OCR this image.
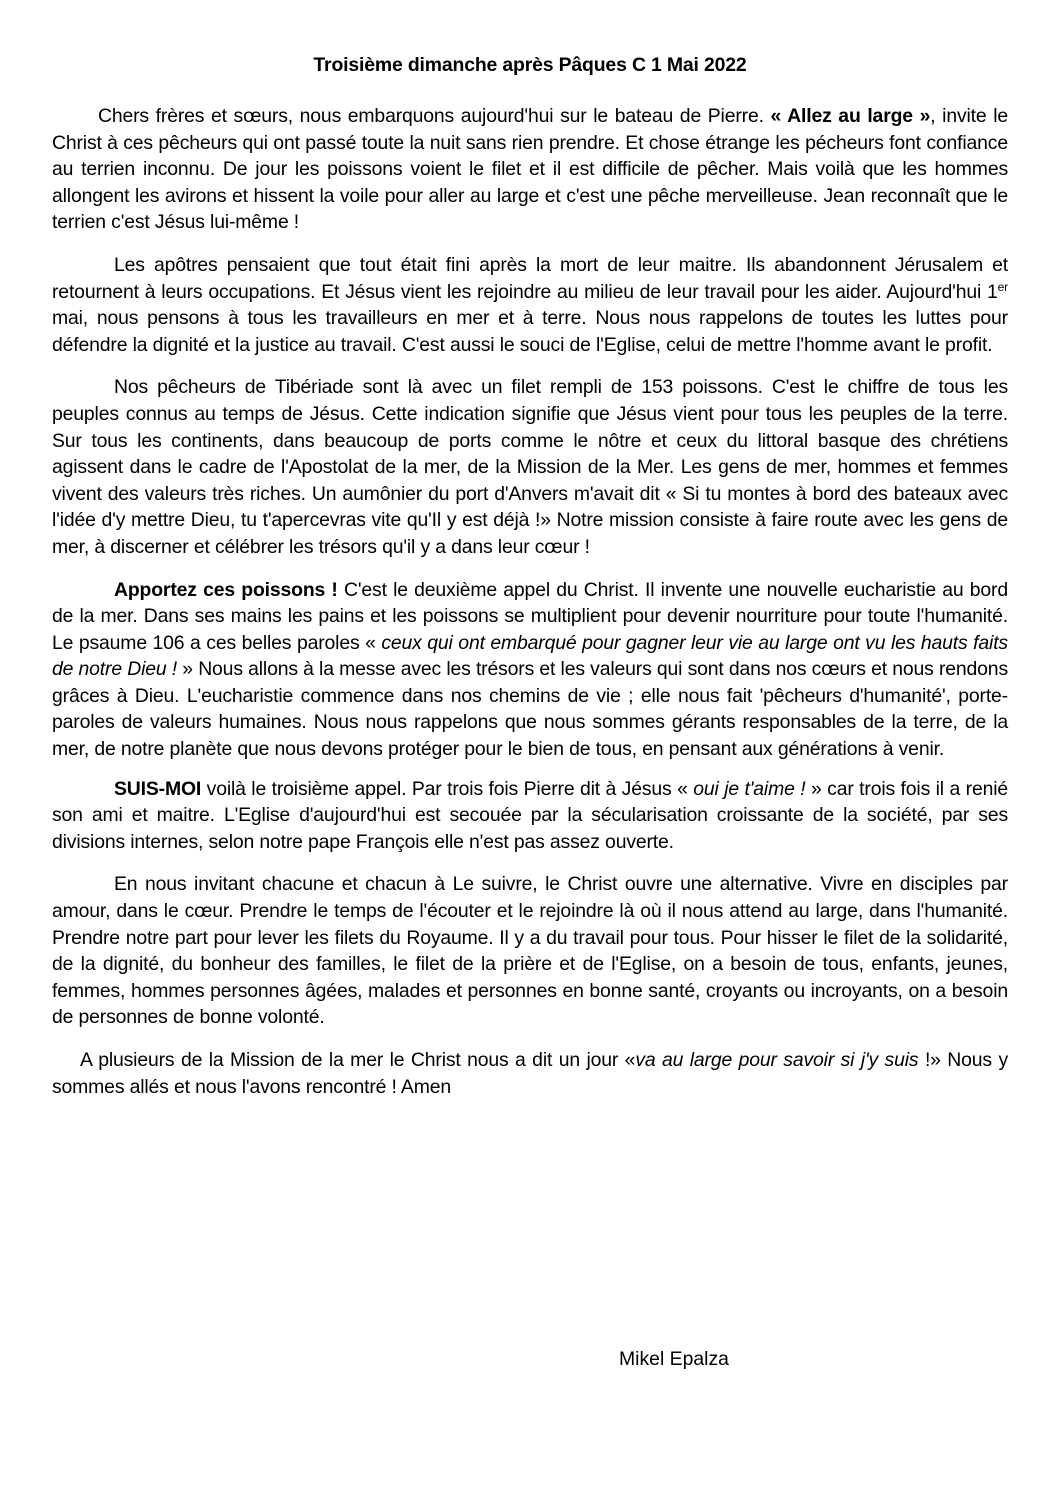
Troisième dimanche après Pâques C 1 Mai 2022

Chers frères et sœurs, nous embarquons aujourd'hui sur le bateau de Pierre. « Allez au large », invite le Christ à ces pêcheurs qui ont passé toute la nuit sans rien prendre. Et chose étrange les pécheurs font confiance au terrien inconnu. De jour les poissons voient le filet et il est difficile de pêcher. Mais voilà que les hommes allongent les avirons et hissent la voile pour aller au large et c'est une pêche merveilleuse. Jean reconnaît que le terrien c'est Jésus lui-même !

Les apôtres pensaient que tout était fini après la mort de leur maitre. Ils abandonnent Jérusalem et retournent à leurs occupations. Et Jésus vient les rejoindre au milieu de leur travail pour les aider. Aujourd'hui 1er mai, nous pensons à tous les travailleurs en mer et à terre. Nous nous rappelons de toutes les luttes pour défendre la dignité et la justice au travail. C'est aussi le souci de l'Eglise, celui de mettre l'homme avant le profit.

Nos pêcheurs de Tibériade sont là avec un filet rempli de 153 poissons. C'est le chiffre de tous les peuples connus au temps de Jésus. Cette indication signifie que Jésus vient pour tous les peuples de la terre. Sur tous les continents, dans beaucoup de ports comme le nôtre et ceux du littoral basque des chrétiens agissent dans le cadre de l'Apostolat de la mer, de la Mission de la Mer. Les gens de mer, hommes et femmes vivent des valeurs très riches. Un aumônier du port d'Anvers m'avait dit « Si tu montes à bord des bateaux avec l'idée d'y mettre Dieu, tu t'apercevras vite qu'Il y est déjà !» Notre mission consiste à faire route avec les gens de mer, à discerner et célébrer les trésors qu'il y a dans leur cœur !

Apportez ces poissons ! C'est le deuxième appel du Christ. Il invente une nouvelle eucharistie au bord de la mer. Dans ses mains les pains et les poissons se multiplient pour devenir nourriture pour toute l'humanité. Le psaume 106 a ces belles paroles « ceux qui ont embarqué pour gagner leur vie au large ont vu les hauts faits de notre Dieu ! » Nous allons à la messe avec les trésors et les valeurs qui sont dans nos cœurs et nous rendons grâces à Dieu. L'eucharistie commence dans nos chemins de vie ; elle nous fait 'pêcheurs d'humanité', porte-paroles de valeurs humaines. Nous nous rappelons que nous sommes gérants responsables de la terre, de la mer, de notre planète que nous devons protéger pour le bien de tous, en pensant aux générations à venir.

SUIS-MOI voilà le troisième appel. Par trois fois Pierre dit à Jésus « oui je t'aime ! » car trois fois il a renié son ami et maitre. L'Eglise d'aujourd'hui est secouée par la sécularisation croissante de la société, par ses divisions internes, selon notre pape François elle n'est pas assez ouverte.

En nous invitant chacune et chacun à Le suivre, le Christ ouvre une alternative. Vivre en disciples par amour, dans le cœur. Prendre le temps de l'écouter et le rejoindre là où il nous attend au large, dans l'humanité. Prendre notre part pour lever les filets du Royaume. Il y a du travail pour tous. Pour hisser le filet de la solidarité, de la dignité, du bonheur des familles, le filet de la prière et de l'Eglise, on a besoin de tous, enfants, jeunes, femmes, hommes personnes âgées, malades et personnes en bonne santé, croyants ou incroyants, on a besoin de personnes de bonne volonté.

A plusieurs de la Mission de la mer le Christ nous a dit un jour «va au large pour savoir si j'y suis !» Nous y sommes allés et nous l'avons rencontré ! Amen

Mikel Epalza
